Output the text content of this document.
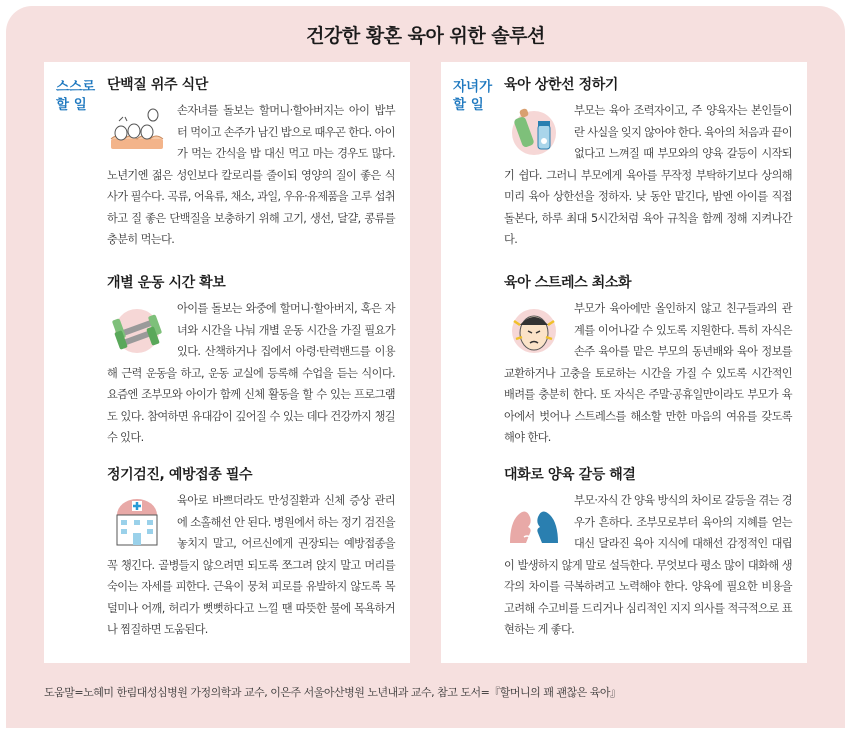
건강한 황혼 육아 위한 솔루션
스스로
할 일
단백질 위주 식단
손자녀를 돌보는 할머니·할아버지는 아이 밥부터 먹이고 손주가 남긴 밥으로 때우곤 한다. 아이가 먹는 간식을 밥 대신 먹고 마는 경우도 많다. 노년기엔 젊은 성인보다 칼로리를 줄이되 영양의 질이 좋은 식사가 필수다. 곡류, 어육류, 채소, 과일, 우유·유제품을 고루 섭취하고 질 좋은 단백질을 보충하기 위해 고기, 생선, 달걀, 콩류를 충분히 먹는다.
개별 운동 시간 확보
아이를 돌보는 와중에 할머니·할아버지, 혹은 자녀와 시간을 나눠 개별 운동 시간을 가질 필요가 있다. 산책하거나 집에서 아령·탄력밴드를 이용해 근력 운동을 하고, 운동 교실에 등록해 수업을 듣는 식이다. 요즘엔 조부모와 아이가 함께 신체 활동을 할 수 있는 프로그램도 있다. 참여하면 유대감이 깊어질 수 있는 데다 건강까지 챙길 수 있다.
정기검진, 예방접종 필수
육아로 바쁘더라도 만성질환과 신체 증상 관리에 소홀해선 안 된다. 병원에서 하는 정기 검진을 놓치지 말고, 어르신에게 권장되는 예방접종을 꼭 챙긴다. 골병들지 않으려면 되도록 쪼그려 앉지 말고 머리를 숙이는 자세를 피한다. 근육이 뭉쳐 피로를 유발하지 않도록 목덜미나 어깨, 허리가 뻣뻣하다고 느낄 땐 따뜻한 물에 목욕하거나 찜질하면 도움된다.
자녀가
할 일
육아 상한선 정하기
부모는 육아 조력자이고, 주 양육자는 본인들이란 사실을 잊지 않아야 한다. 육아의 처음과 끝이 없다고 느껴질 때 부모와의 양육 갈등이 시작되기 쉽다. 그러니 부모에게 육아를 무작정 부탁하기보다 상의해 미리 육아 상한선을 정하자. 낮 동안 맡긴다, 밤엔 아이를 직접 돌본다, 하루 최대 5시간처럼 육아 규칙을 함께 정해 지켜나간다.
육아 스트레스 최소화
부모가 육아에만 올인하지 않고 친구들과의 관계를 이어나갈 수 있도록 지원한다. 특히 자식은 손주 육아를 맡은 부모의 동년배와 육아 정보를 교환하거나 고충을 토로하는 시간을 가질 수 있도록 시간적인 배려를 충분히 한다. 또 자식은 주말·공휴일만이라도 부모가 육아에서 벗어나 스트레스를 해소할 만한 마음의 여유를 갖도록 해야 한다.
대화로 양육 갈등 해결
부모·자식 간 양육 방식의 차이로 갈등을 겪는 경우가 흔하다. 조부모로부터 육아의 지혜를 얻는 대신 달라진 육아 지식에 대해선 감정적인 대립이 발생하지 않게 말로 설득한다. 무엇보다 평소 많이 대화해 생각의 차이를 극복하려고 노력해야 한다. 양육에 필요한 비용을 고려해 수고비를 드리거나 심리적인 지지 의사를 적극적으로 표현하는 게 좋다.
도움말=노혜미 한림대성심병원 가정의학과 교수, 이은주 서울아산병원 노년내과 교수, 참고 도서=『할머니의 꽤 괜찮은 육아』
